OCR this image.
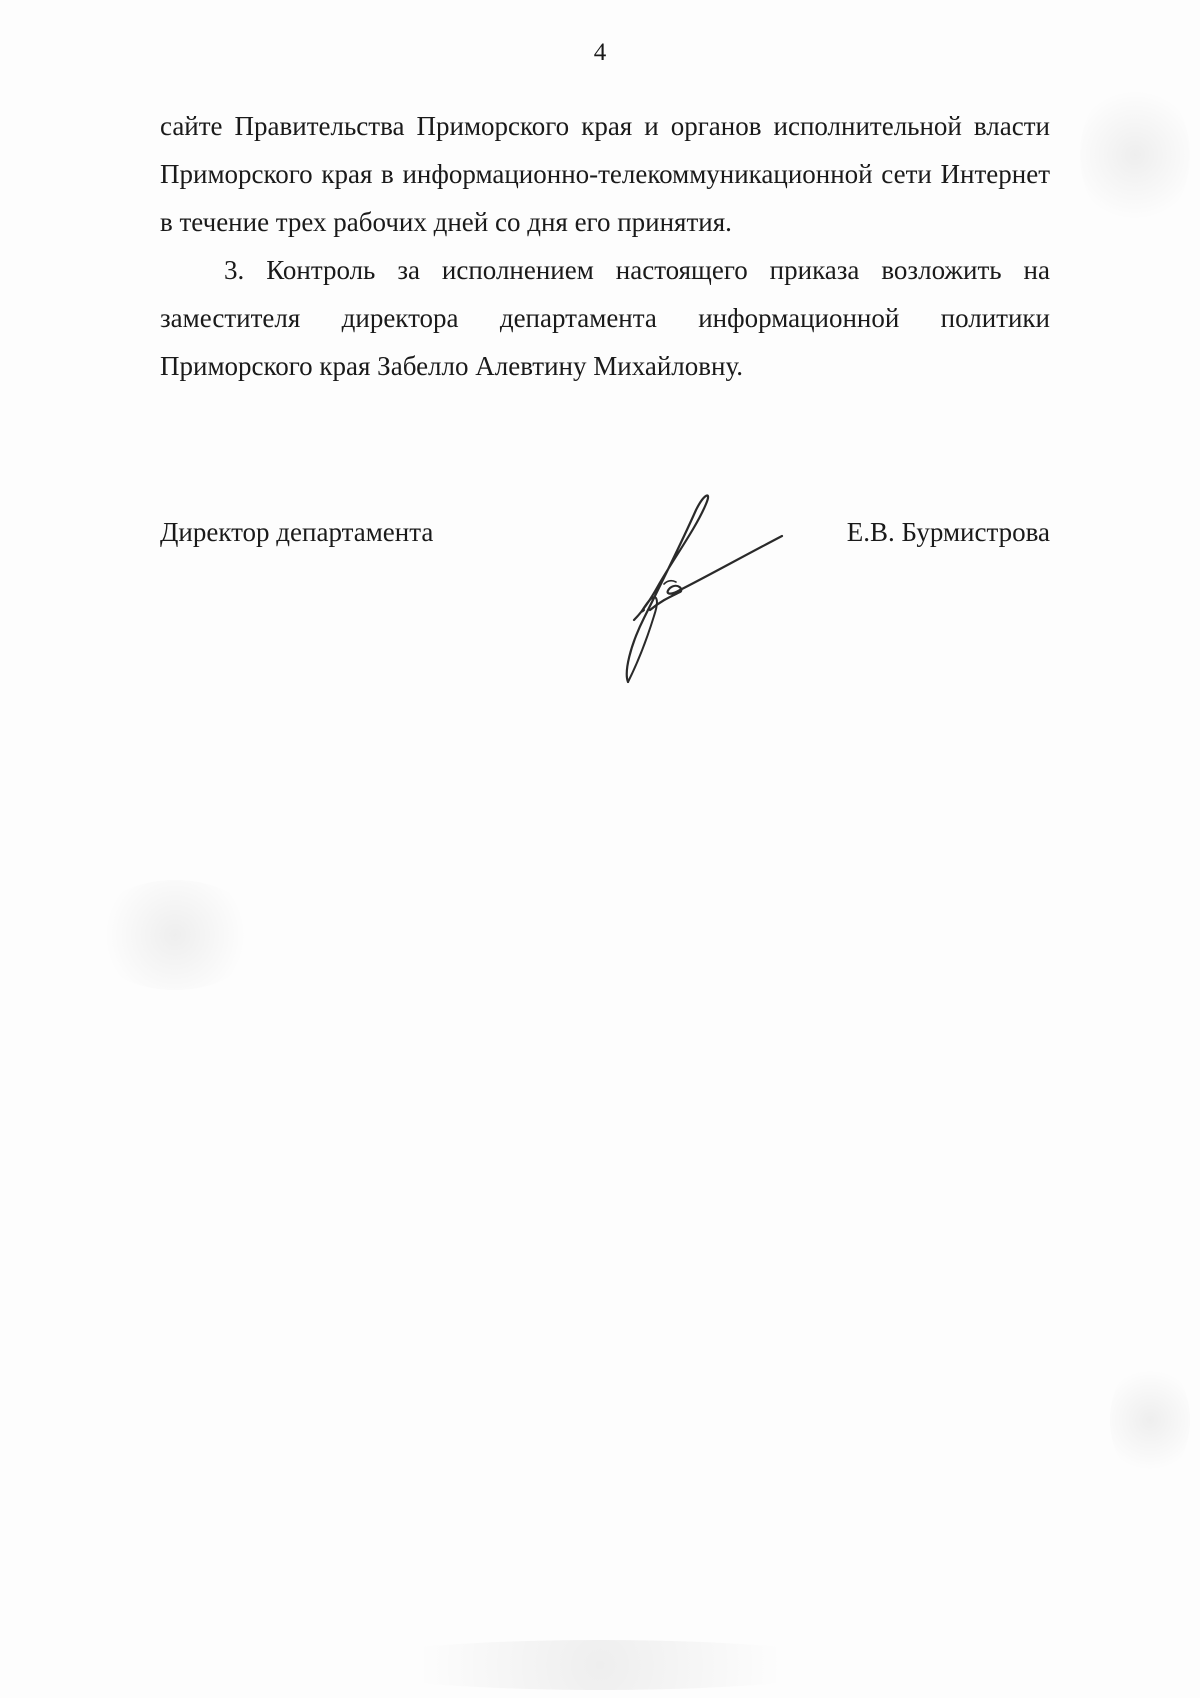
4

сайте Правительства Приморского края и органов исполнительной власти Приморского края в информационно-телекоммуникационной сети Интернет в течение трех рабочих дней со дня его принятия.

3. Контроль за исполнением настоящего приказа возложить на заместителя директора департамента информационной политики Приморского края Забелло Алевтину Михайловну.

Директор департамента	Е.В. Бурмистрова
